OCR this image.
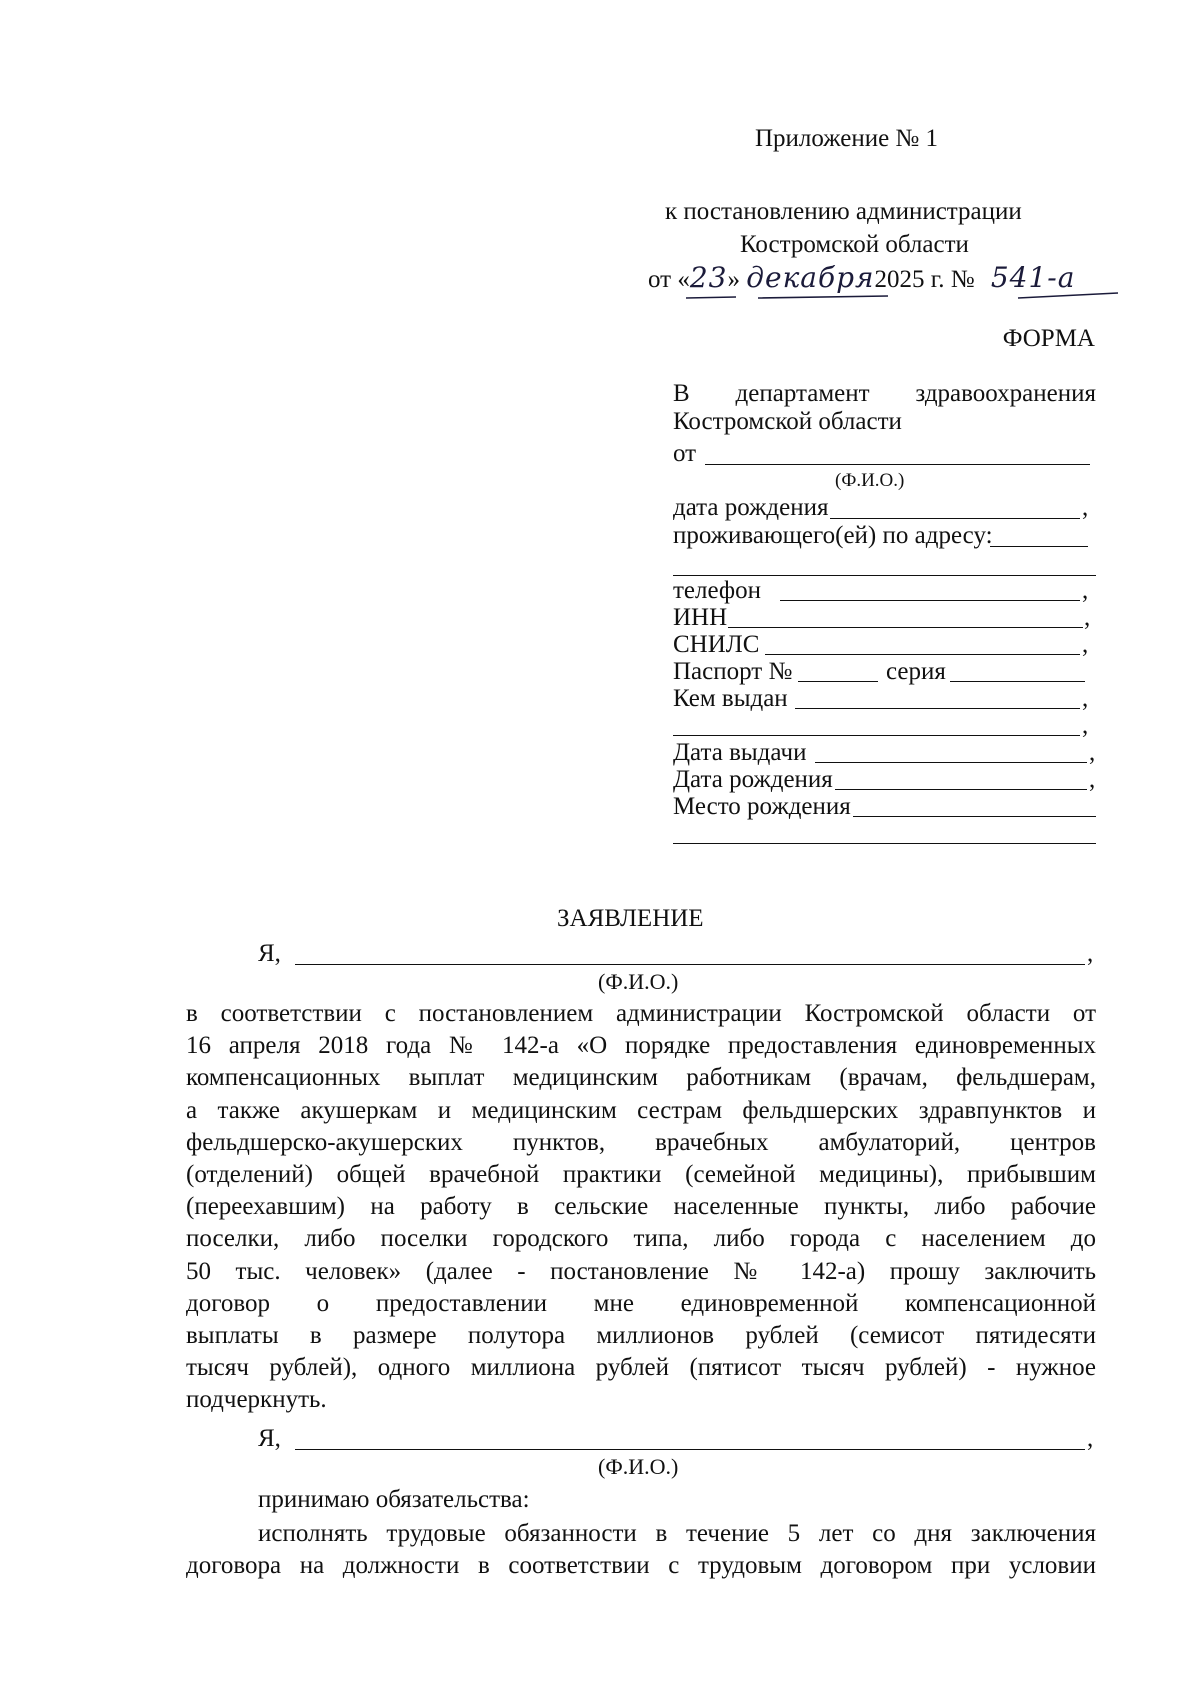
Приложение № 1
к постановлению администрации
Костромской области
от «23» декабря2025 г. № 541-а
ФОРМА
В департамент здравоохранения
Костромской области
от
(Ф.И.О.)
дата рождения	,
проживающего(ей) по адресу:
телефон	,
ИНН	,
СНИЛС	,
Паспорт №	серия
Кем выдан	,
,
Дата выдачи	,
Дата рождения	,
Место рождения
ЗАЯВЛЕНИЕ
Я,	,
(Ф.И.О.)
в соответствии с постановлением администрации Костромской области от
16 апреля 2018 года № 142-а «О порядке предоставления единовременных
компенсационных выплат медицинским работникам (врачам, фельдшерам,
а также акушеркам и медицинским сестрам фельдшерских здравпунктов и
фельдшерско-акушерских пунктов, врачебных амбулаторий, центров
(отделений) общей врачебной практики (семейной медицины), прибывшим
(переехавшим) на работу в сельские населенные пункты, либо рабочие
поселки, либо поселки городского типа, либо города с населением до
50 тыс. человек» (далее - постановление № 142-а) прошу заключить
договор о предоставлении мне единовременной компенсационной
выплаты в размере полутора миллионов рублей (семисот пятидесяти
тысяч рублей), одного миллиона рублей (пятисот тысяч рублей) - нужное
подчеркнуть.
Я,	,
(Ф.И.О.)
принимаю обязательства:
исполнять трудовые обязанности в течение 5 лет со дня заключения
договора на должности в соответствии с трудовым договором при условии
